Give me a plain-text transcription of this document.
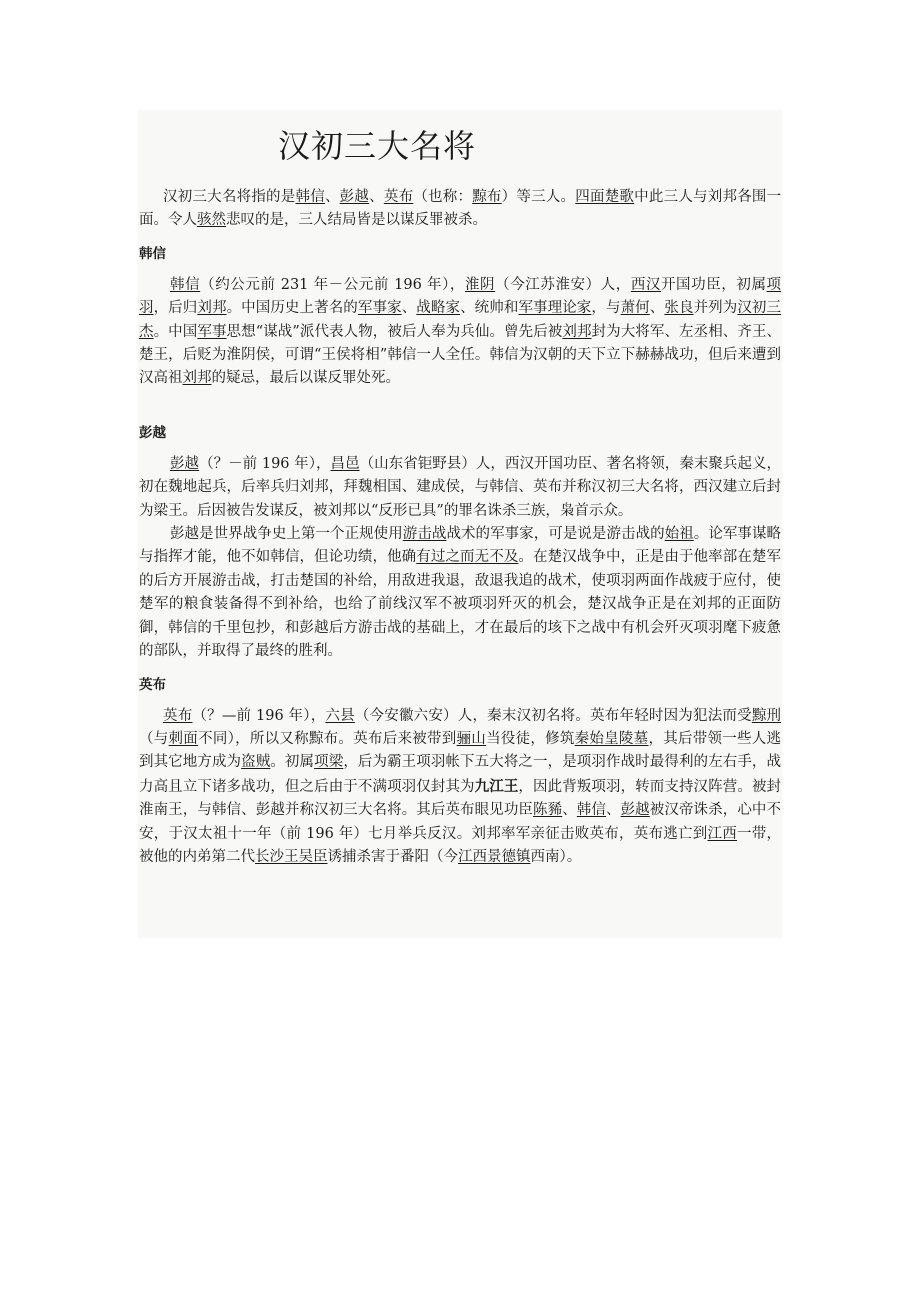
汉初三大名将

汉初三大名将指的是韩信、彭越、英布（也称：黥布）等三人。四面楚歌中此三人与刘邦各围一面。令人骇然悲叹的是，三人结局皆是以谋反罪被杀。

韩信

韩信（约公元前 231 年－公元前 196 年），淮阴（今江苏淮安）人，西汉开国功臣，初属项羽，后归刘邦。中国历史上著名的军事家、战略家、统帅和军事理论家，与萧何、张良并列为汉初三杰。中国军事思想“谋战”派代表人物，被后人奉为兵仙。曾先后被刘邦封为大将军、左丞相、齐王、楚王，后贬为淮阴侯，可谓“王侯将相”韩信一人全任。韩信为汉朝的天下立下赫赫战功，但后来遭到汉高祖刘邦的疑忌，最后以谋反罪处死。

彭越

彭越（？－前 196 年），昌邑（山东省钜野县）人，西汉开国功臣、著名将领，秦末聚兵起义，初在魏地起兵，后率兵归刘邦，拜魏相国、建成侯，与韩信、英布并称汉初三大名将，西汉建立后封为梁王。后因被告发谋反，被刘邦以“反形已具”的罪名诛杀三族，枭首示众。

彭越是世界战争史上第一个正规使用游击战战术的军事家，可是说是游击战的始祖。论军事谋略与指挥才能，他不如韩信，但论功绩，他确有过之而无不及。在楚汉战争中，正是由于他率部在楚军的后方开展游击战，打击楚国的补给，用敌进我退，敌退我追的战术，使项羽两面作战疲于应付，使楚军的粮食装备得不到补给，也给了前线汉军不被项羽歼灭的机会，楚汉战争正是在刘邦的正面防御，韩信的千里包抄，和彭越后方游击战的基础上，才在最后的垓下之战中有机会歼灭项羽麾下疲惫的部队，并取得了最终的胜利。

英布

英布（？—前 196 年），六县（今安徽六安）人，秦末汉初名将。英布年轻时因为犯法而受黥刑（与刺面不同），所以又称黥布。英布后来被带到骊山当役徒，修筑秦始皇陵墓，其后带领一些人逃到其它地方成为盗贼。初属项梁，后为霸王项羽帐下五大将之一，是项羽作战时最得利的左右手，战力高且立下诸多战功，但之后由于不满项羽仅封其为九江王，因此背叛项羽，转而支持汉阵营。被封淮南王，与韩信、彭越并称汉初三大名将。其后英布眼见功臣陈豨、韩信、彭越被汉帝诛杀，心中不安，于汉太祖十一年（前 196 年）七月举兵反汉。刘邦率军亲征击败英布，英布逃亡到江西一带，被他的内弟第二代长沙王吴臣诱捕杀害于番阳（今江西景德镇西南）。
